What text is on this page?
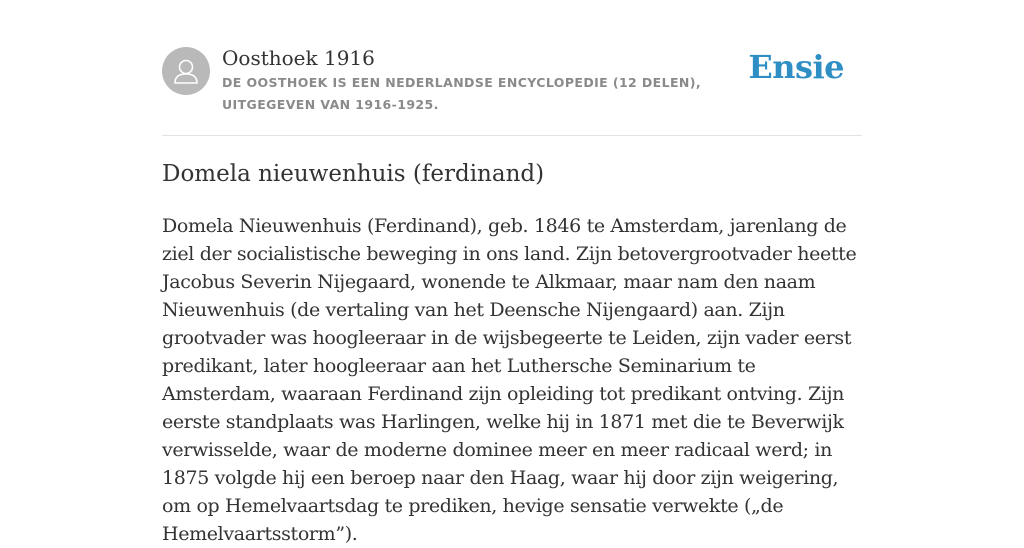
Oosthoek 1916

DE OOSTHOEK IS EEN NEDERLANDSE ENCYCLOPEDIE (12 DELEN), UITGEGEVEN VAN 1916-1925.

Ensie
Domela nieuwenhuis (ferdinand)

Domela Nieuwenhuis (Ferdinand), geb. 1846 te Amsterdam, jarenlang de ziel der socialistische beweging in ons land. Zijn betovergrootvader heette Jacobus Severin Nijegaard, wonende te Alkmaar, maar nam den naam Nieuwenhuis (de vertaling van het Deensche Nijengaard) aan. Zijn grootvader was hoogleeraar in de wijsbegeerte te Leiden, zijn vader eerst predikant, later hoogleeraar aan het Luthersche Seminarium te Amsterdam, waaraan Ferdinand zijn opleiding tot predikant ontving. Zijn eerste standplaats was Harlingen, welke hij in 1871 met die te Beverwijk verwisselde, waar de moderne dominee meer en meer radicaal werd; in 1875 volgde hij een beroep naar den Haag, waar hij door zijn weigering, om op Hemelvaartsdag te prediken, hevige sensatie verwekte („de Hemelvaartsstorm”).
